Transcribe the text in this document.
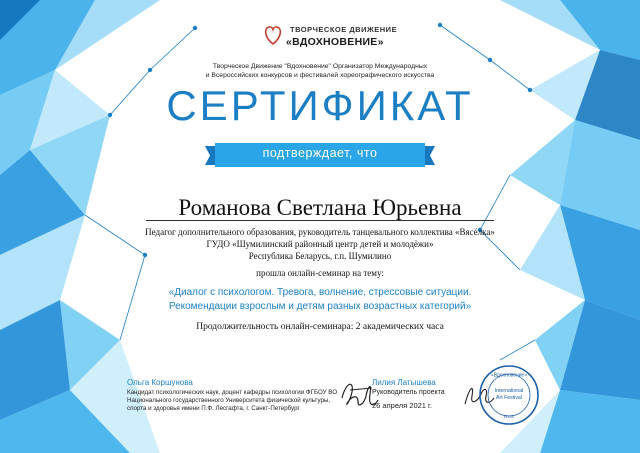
ТВОРЧЕСКОЕ ДВИЖЕНИЕ
«ВДОХНОВЕНИЕ»
Творческое Движение "Вдохновение" Организатор Международных
и Всероссийских конкурсов и фестивалей хореографического искусства
СЕРТИФИКАТ
подтверждает, что
Романова Светлана Юрьевна
Педагог дополнительного образования, руководитель танцевального коллектива «Вясёлка»
ГУДО «Шумилинский районный центр детей и молодёжи»
Республика Беларусь, г.п. Шумилино
прошла онлайн-семинар на тему:
«Диалог с психологом. Тревога, волнение, стрессовые ситуации.
Рекомендации взрослым и детям разных возрастных категорий»
Продолжительность онлайн-семинара: 2 академических часа
Ольга Коршунова
Кандидат психологических наук, доцент кафедры психологии ФГБОУ ВО
Национального государственного Университета физической культуры,
спорта и здоровья имени П.Ф. Лесгафта, г. Санкт-Петербург
Лилия Латышева
Руководитель проекта
26 апреля 2021 г.
«Вдохновение»
International
Art Festival
RUS
